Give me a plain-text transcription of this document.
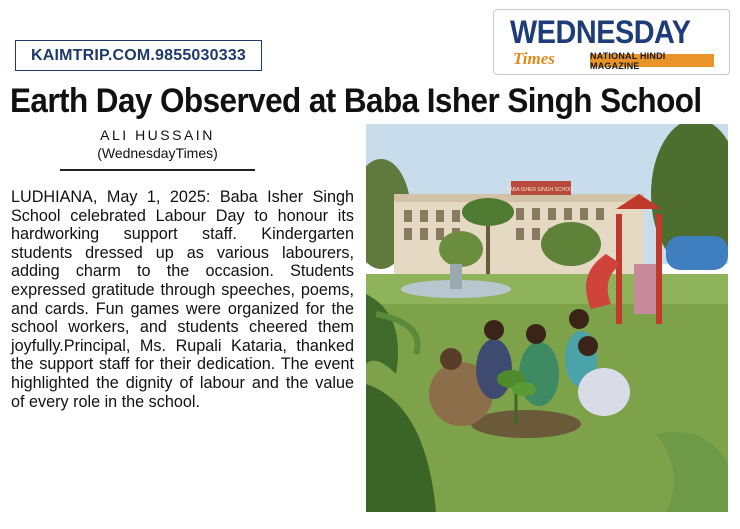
KAIMTRIP.COM.9855030333
WEDNESDAY
Times	NATIONAL HINDI MAGAZINE
Earth Day Observed at Baba Isher Singh School
ALI HUSSAIN
(WednesdayTimes)
LUDHIANA, May 1, 2025: Baba Isher Singh School celebrated Labour Day to honour its hardworking support staff. Kindergarten students dressed up as various labourers, adding charm to the occasion. Students expressed gratitude through speeches, poems, and cards. Fun games were organized for the school workers, and students cheered them joyfully.Principal, Ms. Rupali Kataria, thanked the support staff for their dedication. The event highlighted the dignity of labour and the value of every role in the school.
BABA ISHER SINGH SCHOOL
